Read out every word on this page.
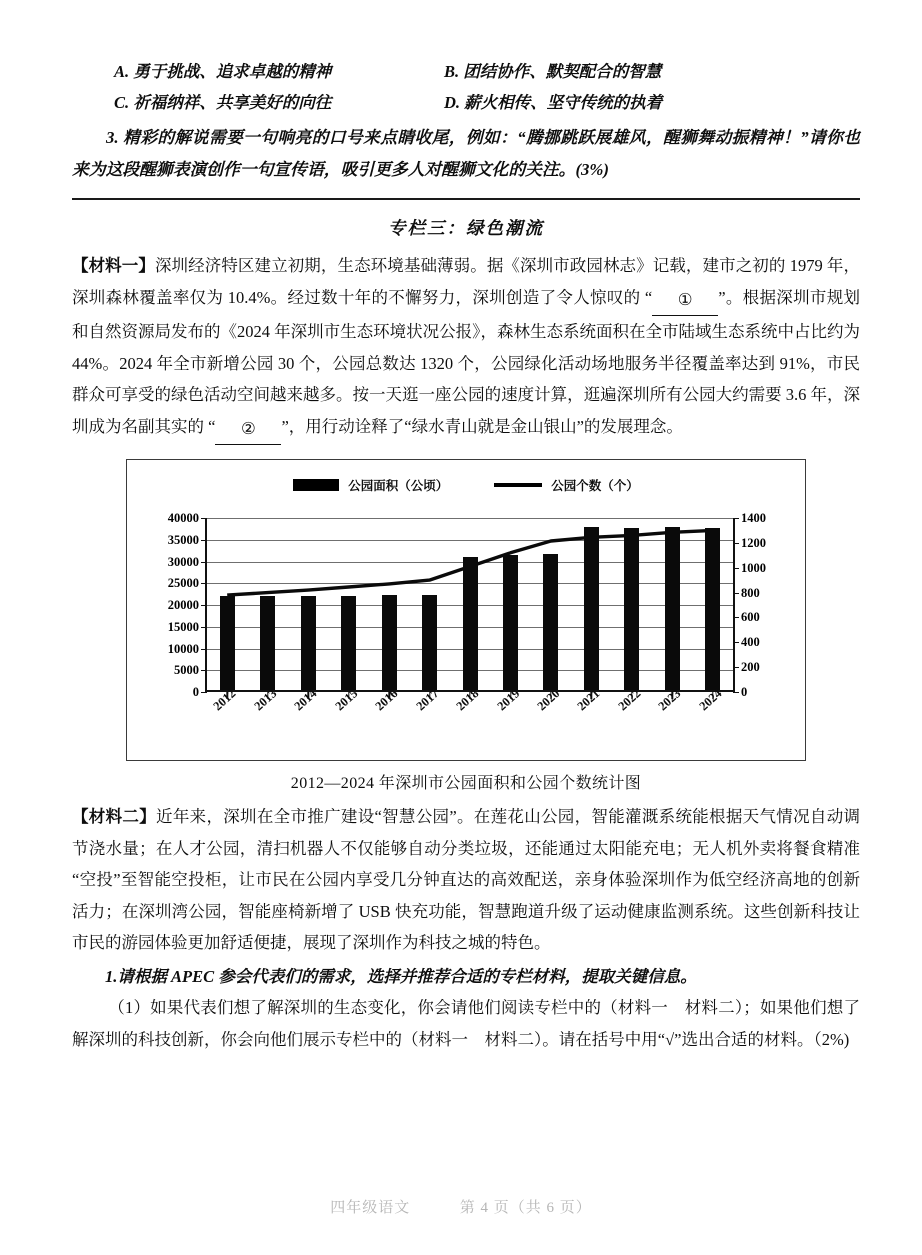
A. 勇于挑战、追求卓越的精神	B. 团结协作、默契配合的智慧
C. 祈福纳祥、共享美好的向往	D. 薪火相传、坚守传统的执着
3. 精彩的解说需要一句响亮的口号来点睛收尾，例如：“腾挪跳跃展雄风，醒狮舞动振精神！”请你也来为这段醒狮表演创作一句宣传语，吸引更多人对醒狮文化的关注。(3%)
专栏三：绿色潮流

【材料一】深圳经济特区建立初期，生态环境基础薄弱。据《深圳市政园林志》记载，建市之初的 1979 年，深圳森林覆盖率仅为 10.4%。经过数十年的不懈努力，深圳创造了令人惊叹的 “ ① ”。根据深圳市规划和自然资源局发布的《2024 年深圳市生态环境状况公报》，森林生态系统面积在全市陆域生态系统中占比约为 44%。2024 年全市新增公园 30 个，公园总数达 1320 个，公园绿化活动场地服务半径覆盖率达到 91%，市民群众可享受的绿色活动空间越来越多。按一天逛一座公园的速度计算，逛遍深圳所有公园大约需要 3.6 年，深圳成为名副其实的 “ ② ”，用行动诠释了“绿水青山就是金山银山”的发展理念。

公园面积（公顷）	公园个数（个）
0
5000
10000
15000
20000
25000
30000
35000
40000
0
200
400
600
800
1000
1200
1400
2012 2013 2014 2015 2016 2017 2018 2019 2020 2021 2022 2023 2024
2012—2024 年深圳市公园面积和公园个数统计图

【材料二】近年来，深圳在全市推广建设“智慧公园”。在莲花山公园，智能灌溉系统能根据天气情况自动调节浇水量；在人才公园，清扫机器人不仅能够自动分类垃圾，还能通过太阳能充电；无人机外卖将餐食精准“空投”至智能空投柜，让市民在公园内享受几分钟直达的高效配送，亲身体验深圳作为低空经济高地的创新活力；在深圳湾公园，智能座椅新增了 USB 快充功能，智慧跑道升级了运动健康监测系统。这些创新科技让市民的游园体验更加舒适便捷，展现了深圳作为科技之城的特色。

1.请根据 APEC 参会代表们的需求，选择并推荐合适的专栏材料，提取关键信息。

（1）如果代表们想了解深圳的生态变化，你会请他们阅读专栏中的（材料一　材料二）；如果他们想了解深圳的科技创新，你会向他们展示专栏中的（材料一　材料二）。请在括号中用“√”选出合适的材料。（2%)

四年级语文	第 4 页（共 6 页）
